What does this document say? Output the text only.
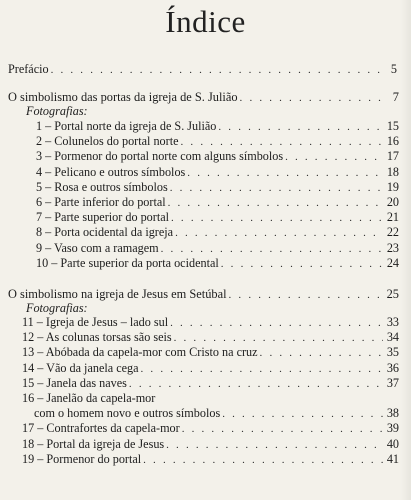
Índice
Prefácio . . .	5
O simbolismo das portas da igreja de S. Julião . . .	7
Fotografias:
1 – Portal norte da igreja de S. Julião . . .	15
2 – Colunelos do portal norte . . .	16
3 – Pormenor do portal norte com alguns símbolos . . .	17
4 – Pelicano e outros símbolos . . .	18
5 – Rosa e outros símbolos . . .	19
6 – Parte inferior do portal . . .	20
7 – Parte superior do portal . . .	21
8 – Porta ocidental da igreja . . .	22
9 – Vaso com a ramagem . . .	23
10 – Parte superior da porta ocidental . . .	24
O simbolismo na igreja de Jesus em Setúbal . . .	25
Fotografias:
11 – Igreja de Jesus – lado sul . . .	33
12 – As colunas torsas são seis . . .	34
13 – Abóbada da capela-mor com Cristo na cruz . . .	35
14 – Vão da janela cega . . .	36
15 – Janela das naves . . .	37
16 – Janelão da capela-mor
com o homem novo e outros símbolos . . .	38
17 – Contrafortes da capela-mor . . .	39
18 – Portal da igreja de Jesus . . .	40
19 – Pormenor do portal . . .	41
